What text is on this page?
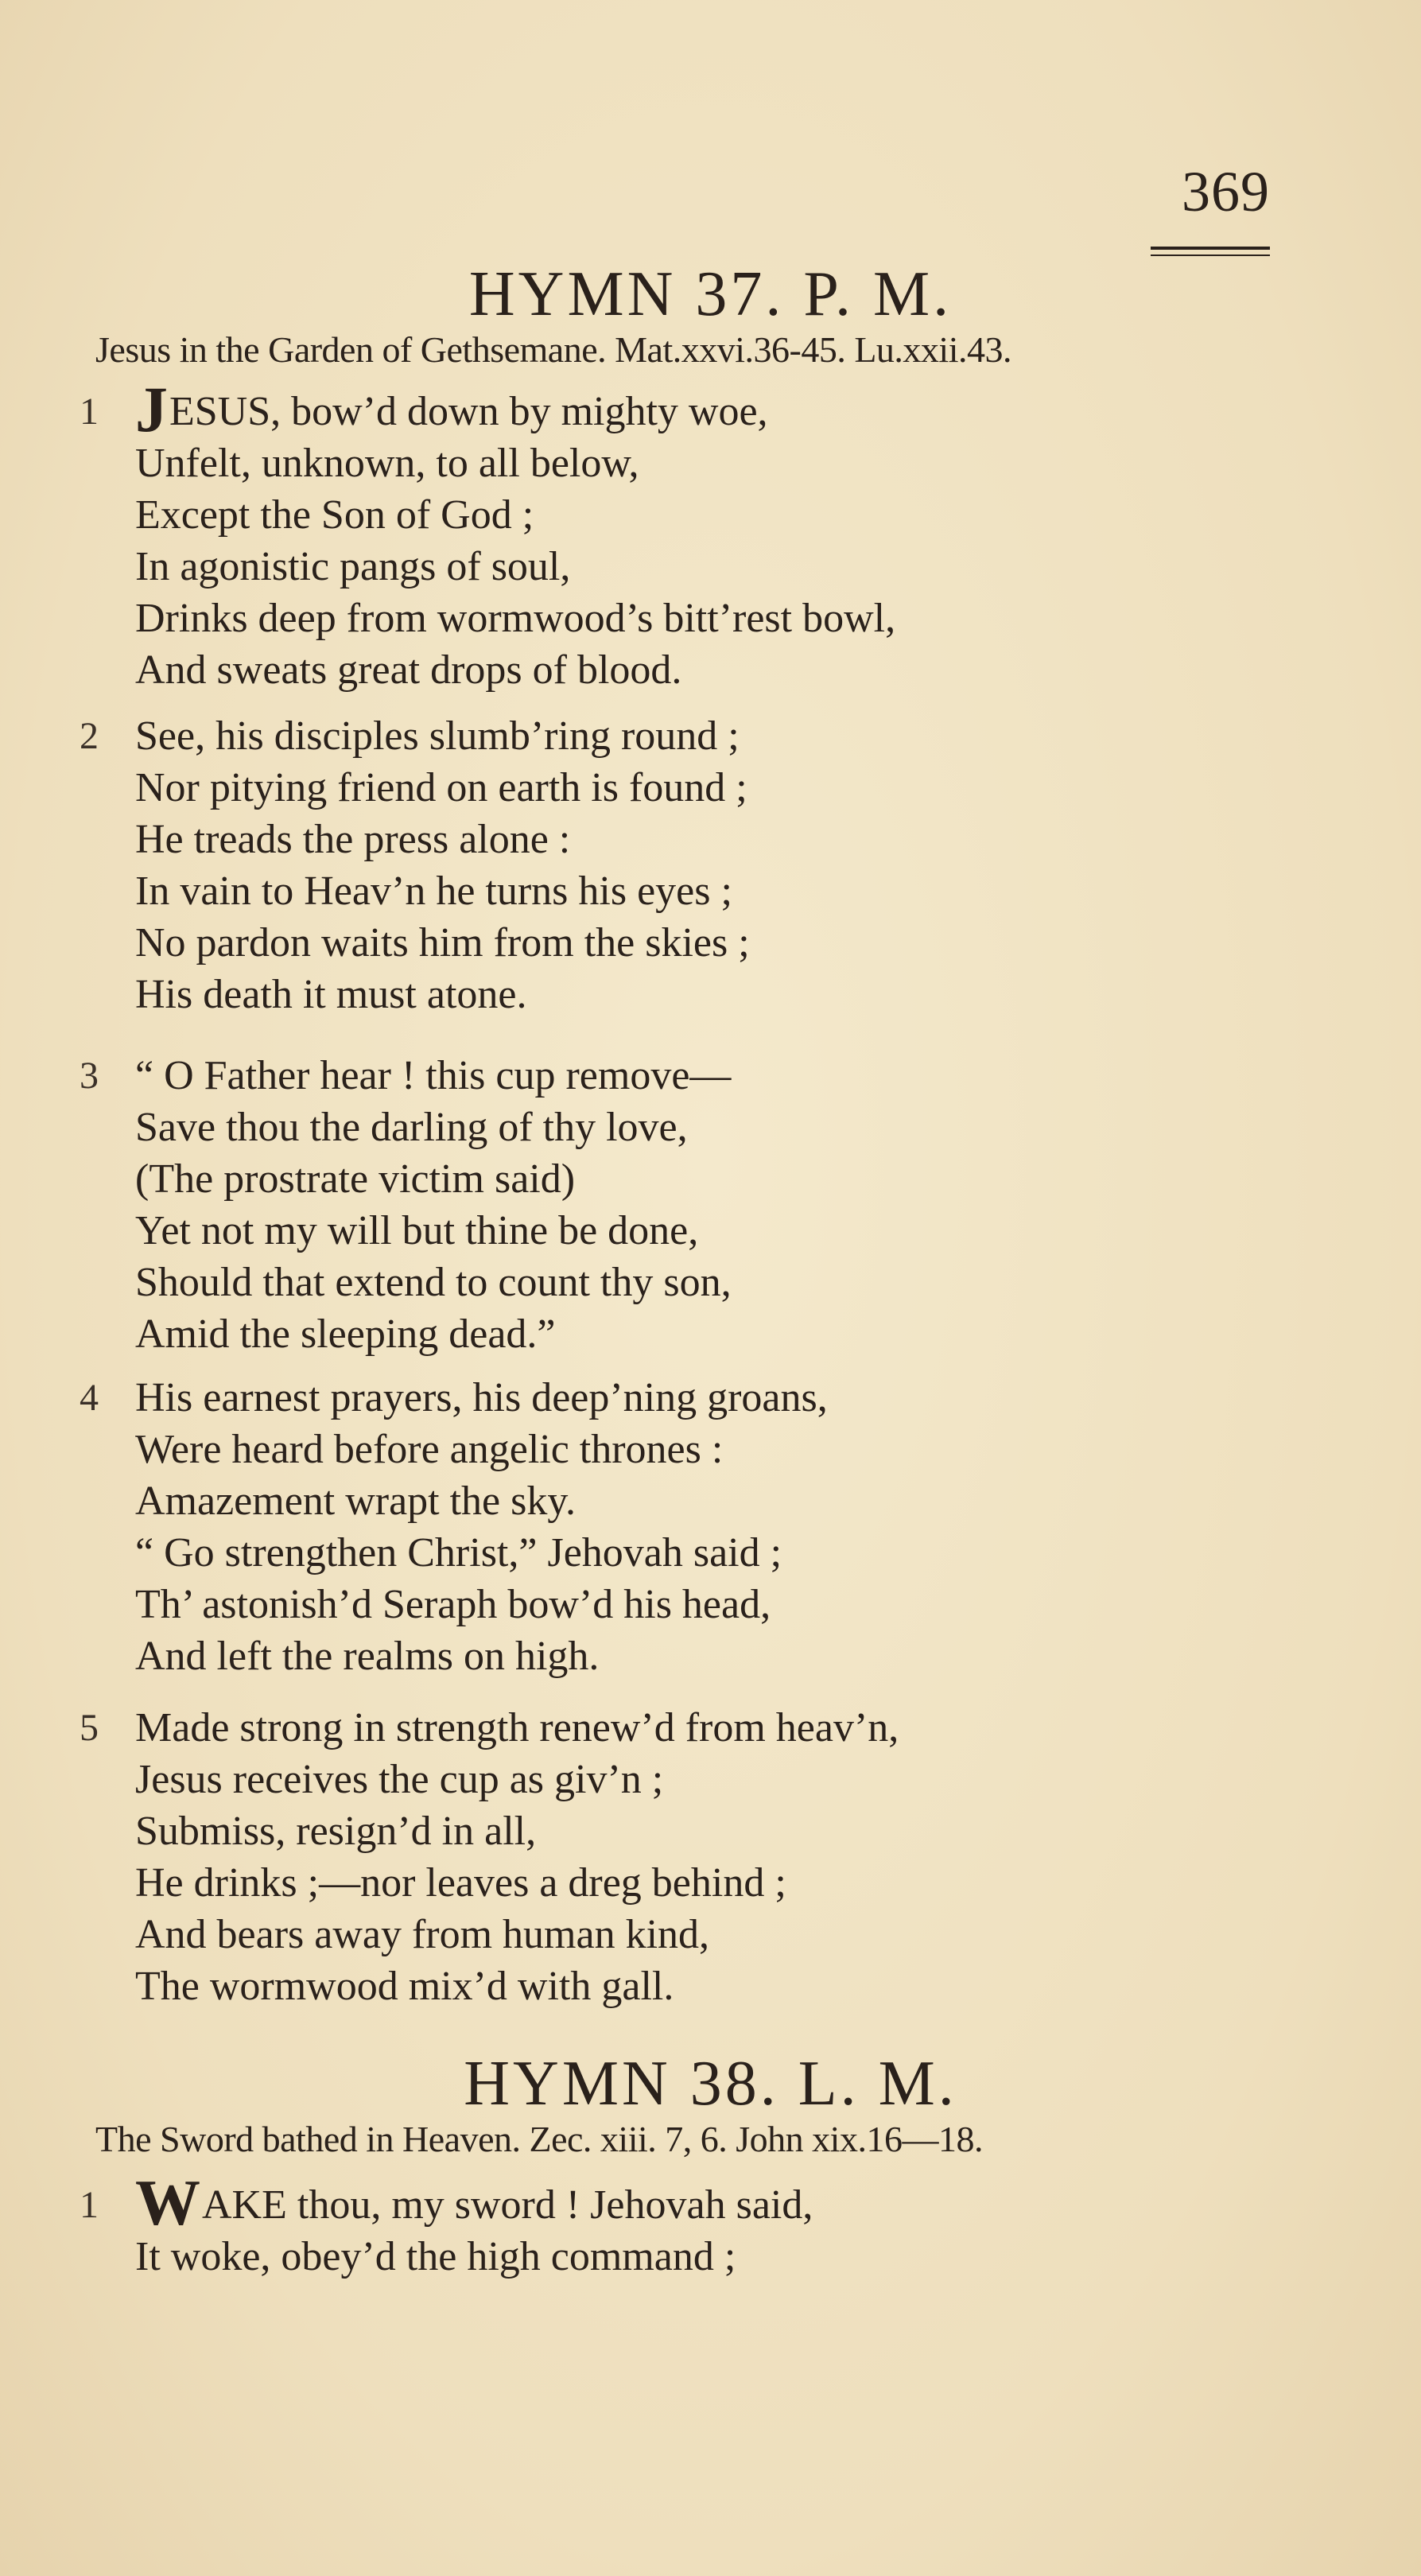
369
HYMN 37. P. M.
Jesus in the Garden of Gethsemane. Mat.xxvi.36-45. Lu.xxii.43.
1 JESUS, bow’d down by mighty woe,
Unfelt, unknown, to all below,
Except the Son of God ;
In agonistic pangs of soul,
Drinks deep from wormwood’s bitt’rest bowl,
And sweats great drops of blood.
2 See, his disciples slumb’ring round ;
Nor pitying friend on earth is found ;
He treads the press alone :
In vain to Heav’n he turns his eyes ;
No pardon waits him from the skies ;
His death it must atone.
3 “ O Father hear ! this cup remove—
Save thou the darling of thy love,
(The prostrate victim said)
Yet not my will but thine be done,
Should that extend to count thy son,
Amid the sleeping dead.”
4 His earnest prayers, his deep’ning groans,
Were heard before angelic thrones :
Amazement wrapt the sky.
“ Go strengthen Christ,” Jehovah said ;
Th’ astonish’d Seraph bow’d his head,
And left the realms on high.
5 Made strong in strength renew’d from heav’n,
Jesus receives the cup as giv’n ;
Submiss, resign’d in all,
He drinks ;—nor leaves a dreg behind ;
And bears away from human kind,
The wormwood mix’d with gall.
HYMN 38. L. M.
The Sword bathed in Heaven. Zec. xiii. 7, 6. John xix.16—18.
1 WAKE thou, my sword ! Jehovah said,
It woke, obey’d the high command ;
